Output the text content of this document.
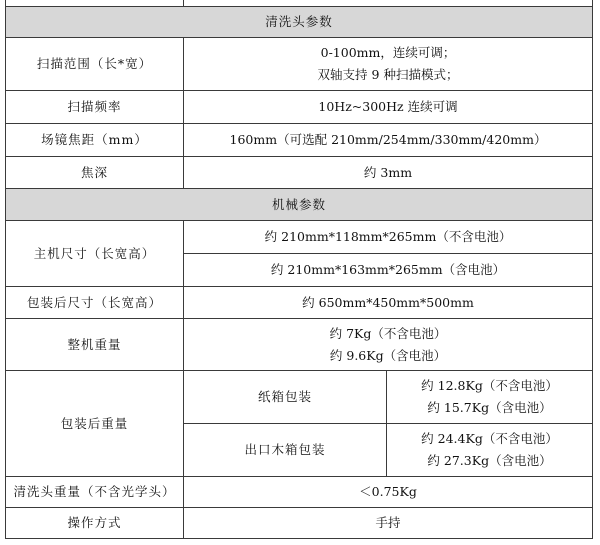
清洗头参数		
扫描范围（长*宽）	0-100mm，连续可调；
双轴支持 9 种扫描模式；	

扫描频率	10Hz~300Hz 连续可调	
场镜焦距（mm）	160mm（可选配 210mm/254mm/330mm/420mm）	
焦深	约 3mm	
机械参数		
主机尺寸（长宽高）	约 210mm*118mm*265mm（不含电池）	
	约 210mm*163mm*265mm（含电池）	
包装后尺寸（长宽高）	约 650mm*450mm*500mm	
整机重量	约 7Kg（不含电池）
约 9.6Kg（含电池）	

包装后重量	纸箱包装	约 12.8Kg（不含电池）
约 15.7Kg（含电池）

	出口木箱包装	约 24.4Kg（不含电池）
约 27.3Kg（含电池）

清洗头重量（不含光学头）	＜0.75Kg	
操作方式	手持	
